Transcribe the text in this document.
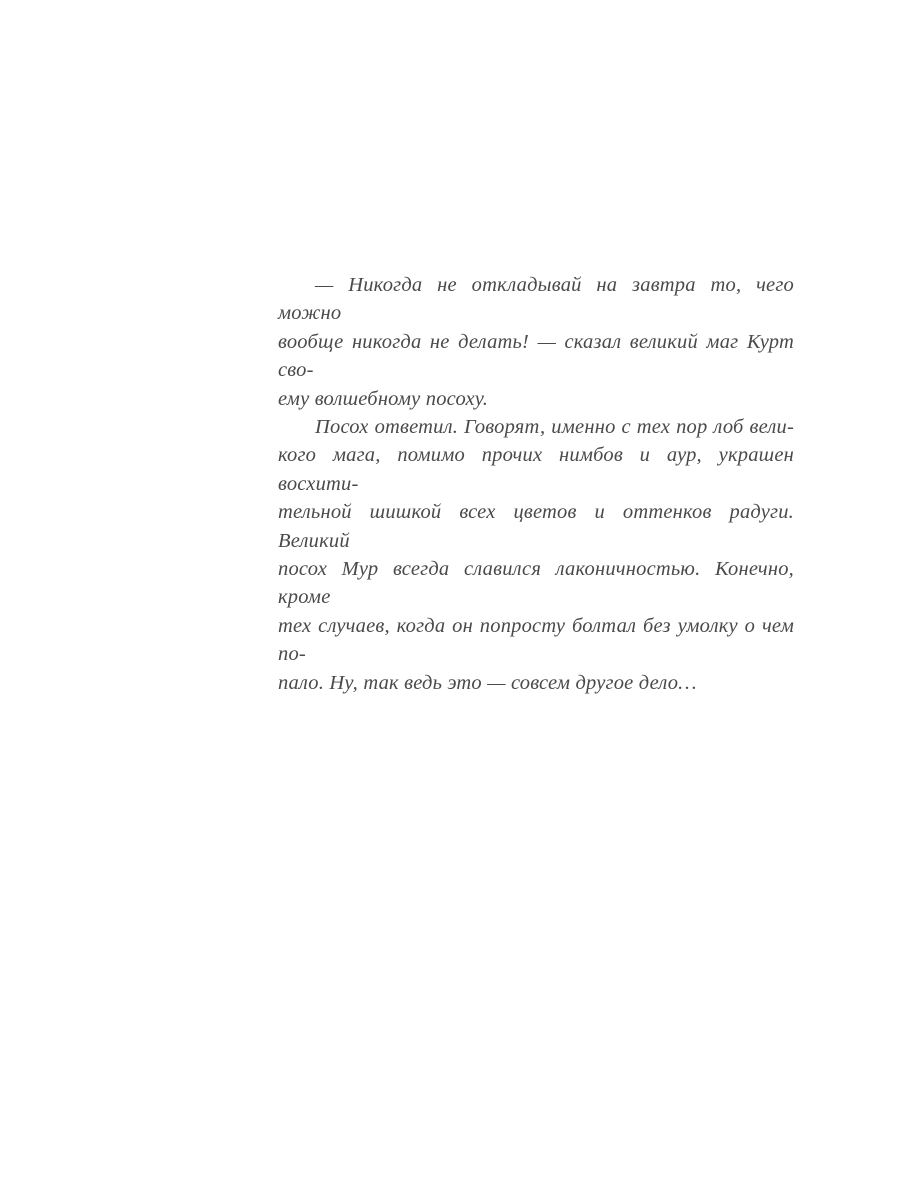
— Никогда не откладывай на завтра то, чего можно
вообще никогда не делать! — сказал великий маг Курт сво-
ему волшебному посоху.
Посох ответил. Говорят, именно с тех пор лоб вели-
кого мага, помимо прочих нимбов и аур, украшен восхити-
тельной шишкой всех цветов и оттенков радуги. Великий
посох Мур всегда славился лаконичностью. Конечно, кроме
тех случаев, когда он попросту болтал без умолку о чем по-
пало. Ну, так ведь это — совсем другое дело…
